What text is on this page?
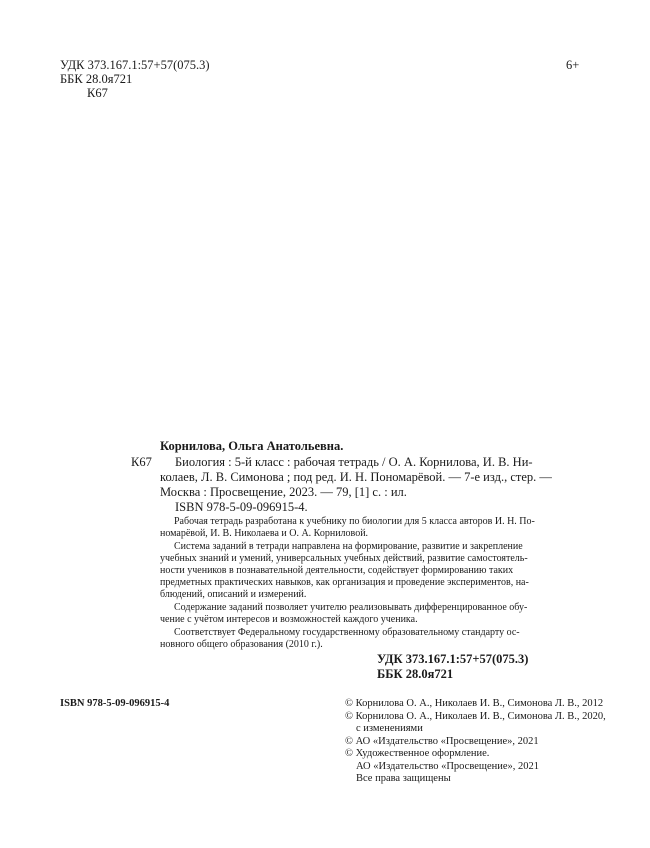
УДК 373.167.1:57+57(075.3)
ББК 28.0я721
К67
6+
Корнилова, Ольга Анатольевна.
К67 Биология : 5-й класс : рабочая тетрадь / О. А. Корнилова, И. В. Ни-
колаев, Л. В. Симонова ; под ред. И. Н. Пономарёвой. — 7-е изд., стер. —
Москва : Просвещение, 2023. — 79, [1] с. : ил.
ISBN 978-5-09-096915-4.
Рабочая тетрадь разработана к учебнику по биологии для 5 класса авторов И. Н. По-
номарёвой, И. В. Николаева и О. А. Корниловой.
Система заданий в тетради направлена на формирование, развитие и закрепление
учебных знаний и умений, универсальных учебных действий, развитие самостоятель-
ности учеников в познавательной деятельности, содействует формированию таких
предметных практических навыков, как организация и проведение экспериментов, на-
блюдений, описаний и измерений.
Содержание заданий позволяет учителю реализовывать дифференцированное обу-
чение с учётом интересов и возможностей каждого ученика.
Соответствует Федеральному государственному образовательному стандарту ос-
новного общего образования (2010 г.).
УДК 373.167.1:57+57(075.3)
ББК 28.0я721
ISBN 978-5-09-096915-4	© Корнилова О. А., Николаев И. В., Симонова Л. В., 2012
© Корнилова О. А., Николаев И. В., Симонова Л. В., 2020,
с изменениями
© АО «Издательство «Просвещение», 2021
© Художественное оформление.
АО «Издательство «Просвещение», 2021
Все права защищены
